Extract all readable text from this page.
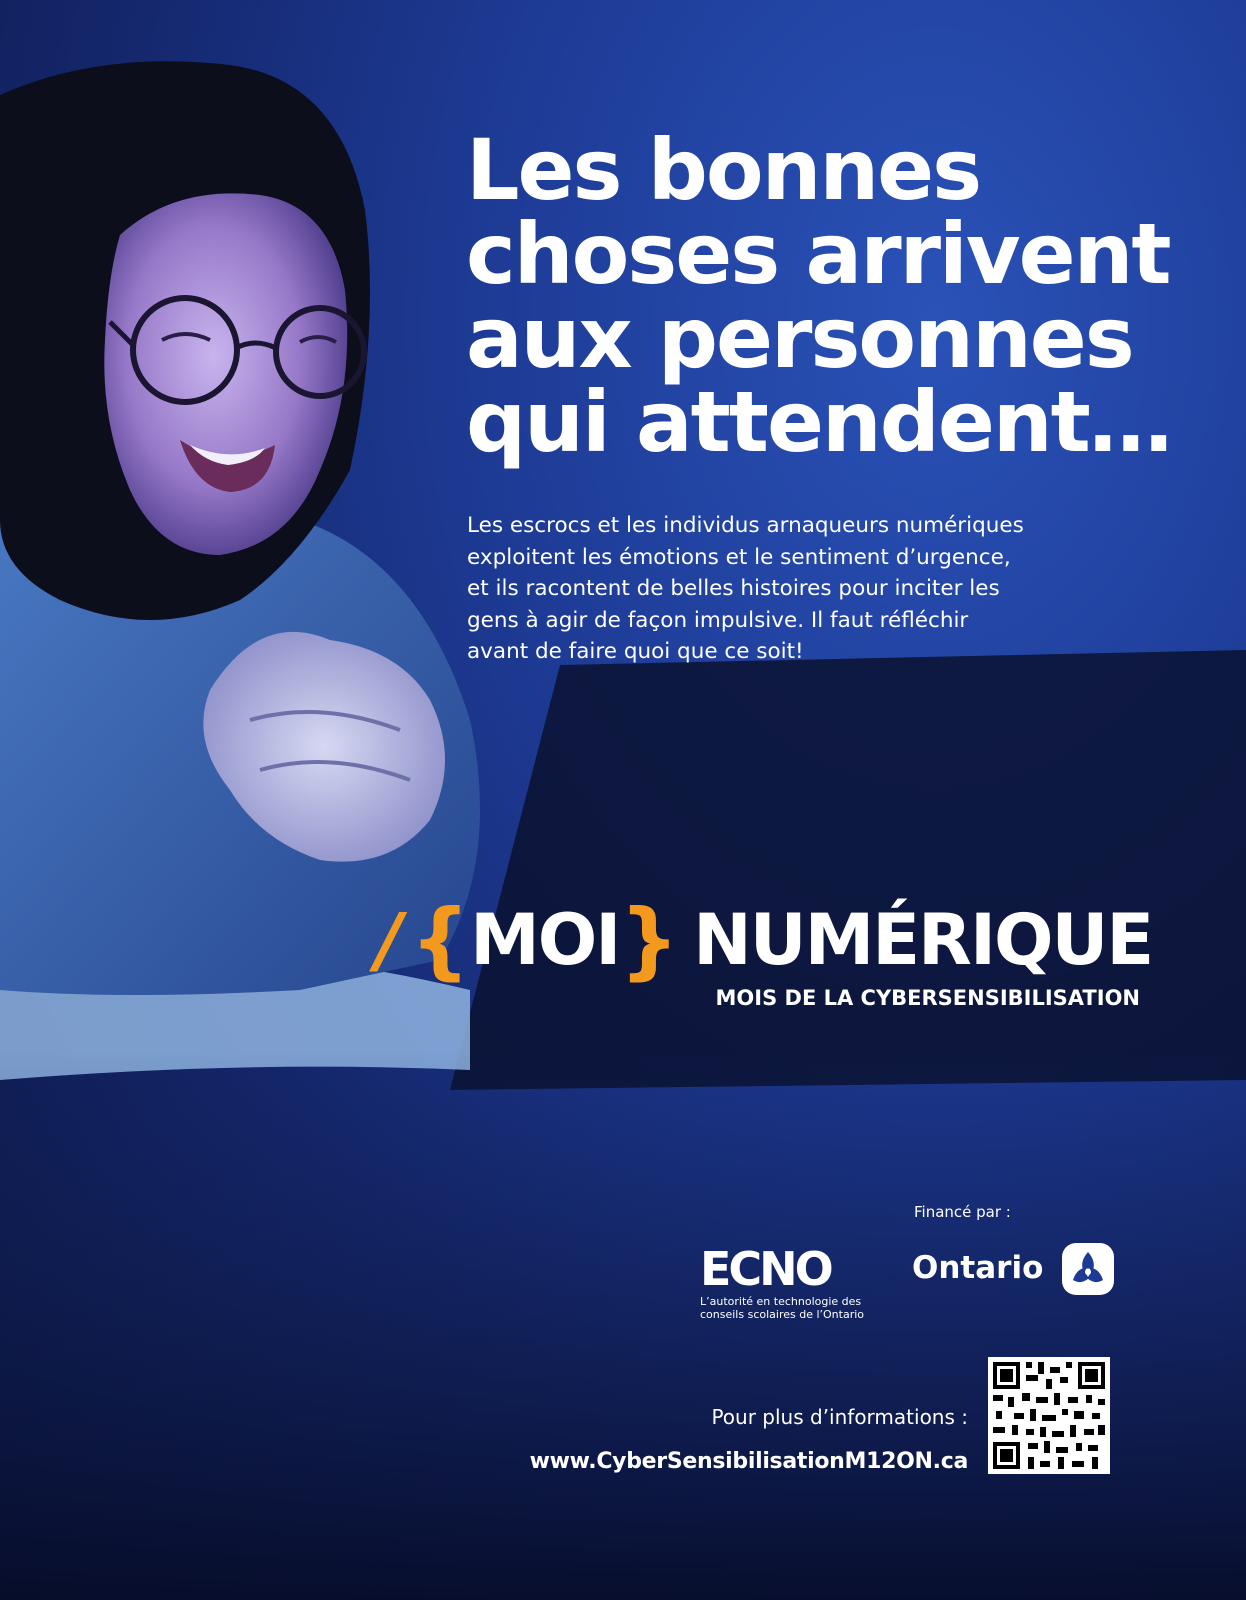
Les bonnes
choses arrivent
aux personnes
qui attendent…
Les escrocs et les individus arnaqueurs numériques
exploitent les émotions et le sentiment d’urgence,
et ils racontent de belles histoires pour inciter les
gens à agir de façon impulsive. Il faut réfléchir
avant de faire quoi que ce soit!
/ { MOI } NUMÉRIQUE
MOIS DE LA CYBERSENSIBILISATION
Financé par :
ECNO
L’autorité en technologie des
conseils scolaires de l’Ontario
Ontario
Pour plus d’informations :
www.CyberSensibilisationM12ON.ca
